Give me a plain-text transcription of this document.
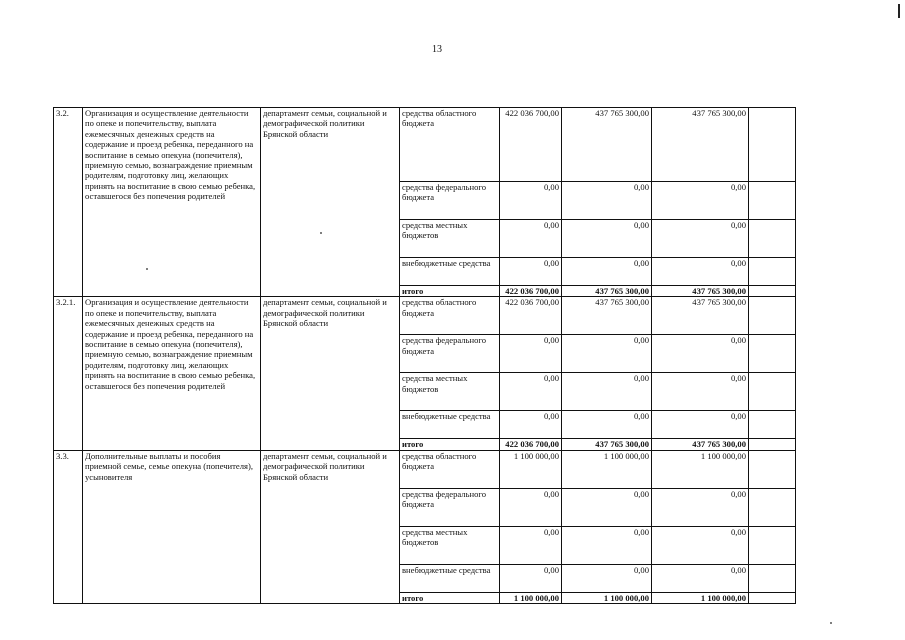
13
3.2.	Организация и осуществление деятельности по опеке и попечительству, выплата ежемесячных денежных средств на содержание и проезд ребенка, переданного на воспитание в семью опекуна (попечителя), приемную семью, вознаграждение приемным родителям, подготовку лиц, желающих принять на воспитание в свою семью ребенка, оставшегося без попечения родителей	департамент семьи, социальной и демографической политики Брянской области	средства областного бюджета	422 036 700,00	437 765 300,00	437 765 300,00	
			средства федерального бюджета	0,00	0,00	0,00	
			средства местных бюджетов	0,00	0,00	0,00	
			внебюджетные средства	0,00	0,00	0,00	
			итого	422 036 700,00	437 765 300,00	437 765 300,00	
3.2.1.	Организация и осуществление деятельности по опеке и попечительству, выплата ежемесячных денежных средств на содержание и проезд ребенка, переданного на воспитание в семью опекуна (попечителя), приемную семью, вознаграждение приемным родителям, подготовку лиц, желающих принять на воспитание в свою семью ребенка, оставшегося без попечения родителей	департамент семьи, социальной и демографической политики Брянской области	средства областного бюджета	422 036 700,00	437 765 300,00	437 765 300,00	
			средства федерального бюджета	0,00	0,00	0,00	
			средства местных бюджетов	0,00	0,00	0,00	
			внебюджетные средства	0,00	0,00	0,00	
			итого	422 036 700,00	437 765 300,00	437 765 300,00	
3.3.	Дополнительные выплаты и пособия приемной семье, семье опекуна (попечителя), усыновителя	департамент семьи, социальной и демографической политики Брянской области	средства областного бюджета	1 100 000,00	1 100 000,00	1 100 000,00	
			средства федерального бюджета	0,00	0,00	0,00	
			средства местных бюджетов	0,00	0,00	0,00	
			внебюджетные средства	0,00	0,00	0,00	
			итого	1 100 000,00	1 100 000,00	1 100 000,00	
